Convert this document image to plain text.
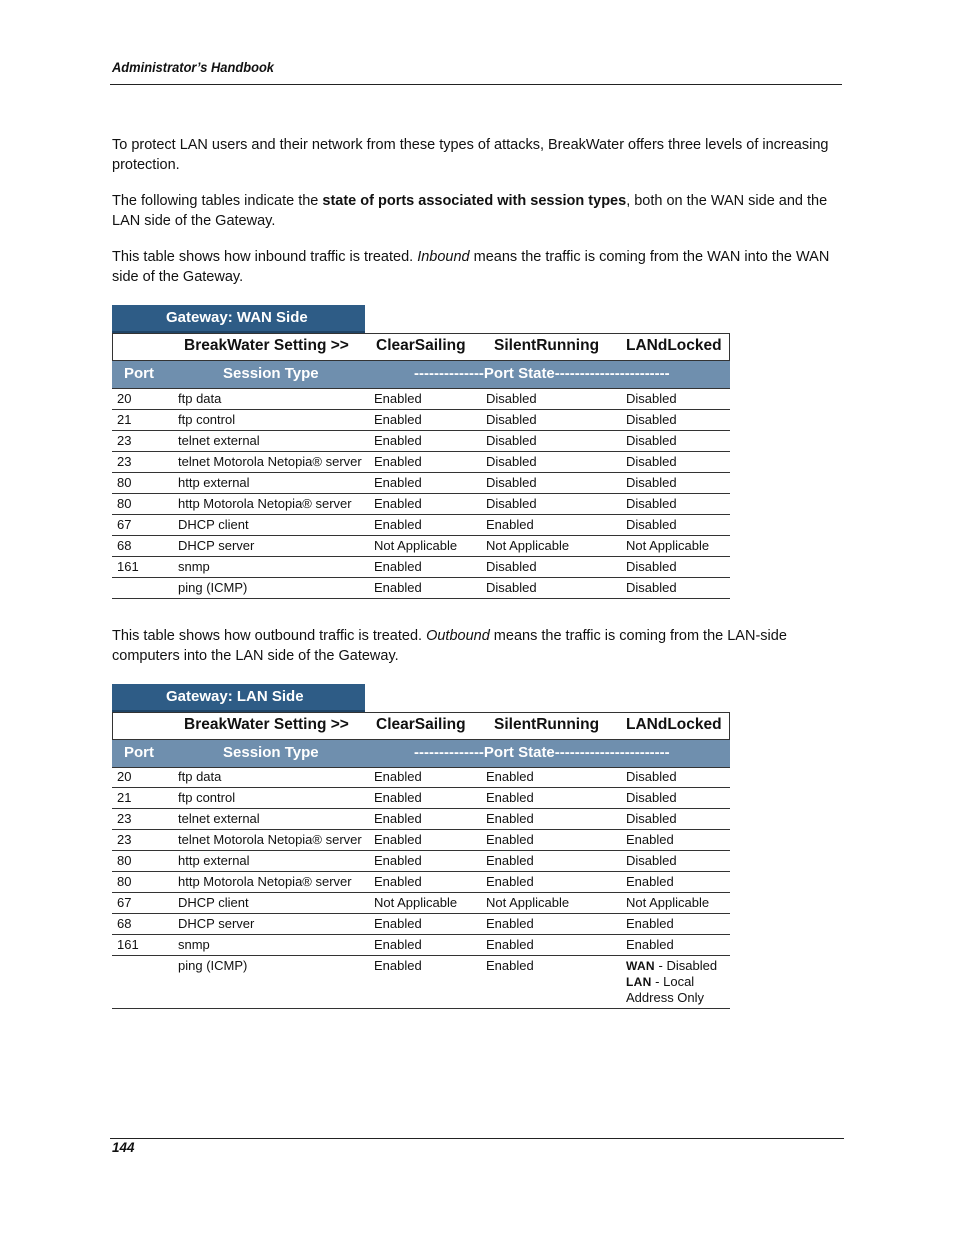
Administrator’s Handbook

To protect LAN users and their network from these types of attacks, BreakWater offers three levels of increasing protection.

The following tables indicate the state of ports associated with session types, both on the WAN side and the LAN side of the Gateway.

This table shows how inbound traffic is treated. Inbound means the traffic is coming from the WAN into the WAN side of the Gateway.

Gateway: WAN Side
BreakWater Setting >> ClearSailing SilentRunning LANdLocked
Port	Session Type	--------------Port State-----------------------
20	ftp data	Enabled	Disabled	Disabled
21	ftp control	Enabled	Disabled	Disabled
23	telnet external	Enabled	Disabled	Disabled
23	telnet Motorola Netopia® server	Enabled	Disabled	Disabled
80	http external	Enabled	Disabled	Disabled
80	http Motorola Netopia® server	Enabled	Disabled	Disabled
67	DHCP client	Enabled	Enabled	Disabled
68	DHCP server	Not Applicable	Not Applicable	Not Applicable
161	snmp	Enabled	Disabled	Disabled
	ping (ICMP)	Enabled	Disabled	Disabled

This table shows how outbound traffic is treated. Outbound means the traffic is coming from the LAN-side computers into the LAN side of the Gateway.

Gateway: LAN Side
BreakWater Setting >> ClearSailing SilentRunning LANdLocked
Port	Session Type	--------------Port State-----------------------
20	ftp data	Enabled	Enabled	Disabled
21	ftp control	Enabled	Enabled	Disabled
23	telnet external	Enabled	Enabled	Disabled
23	telnet Motorola Netopia® server	Enabled	Enabled	Enabled
80	http external	Enabled	Enabled	Disabled
80	http Motorola Netopia® server	Enabled	Enabled	Enabled
67	DHCP client	Not Applicable	Not Applicable	Not Applicable
68	DHCP server	Enabled	Enabled	Enabled
161	snmp	Enabled	Enabled	Enabled
	ping (ICMP)	Enabled	Enabled	WAN - Disabled
LAN - Local Address Only
144
